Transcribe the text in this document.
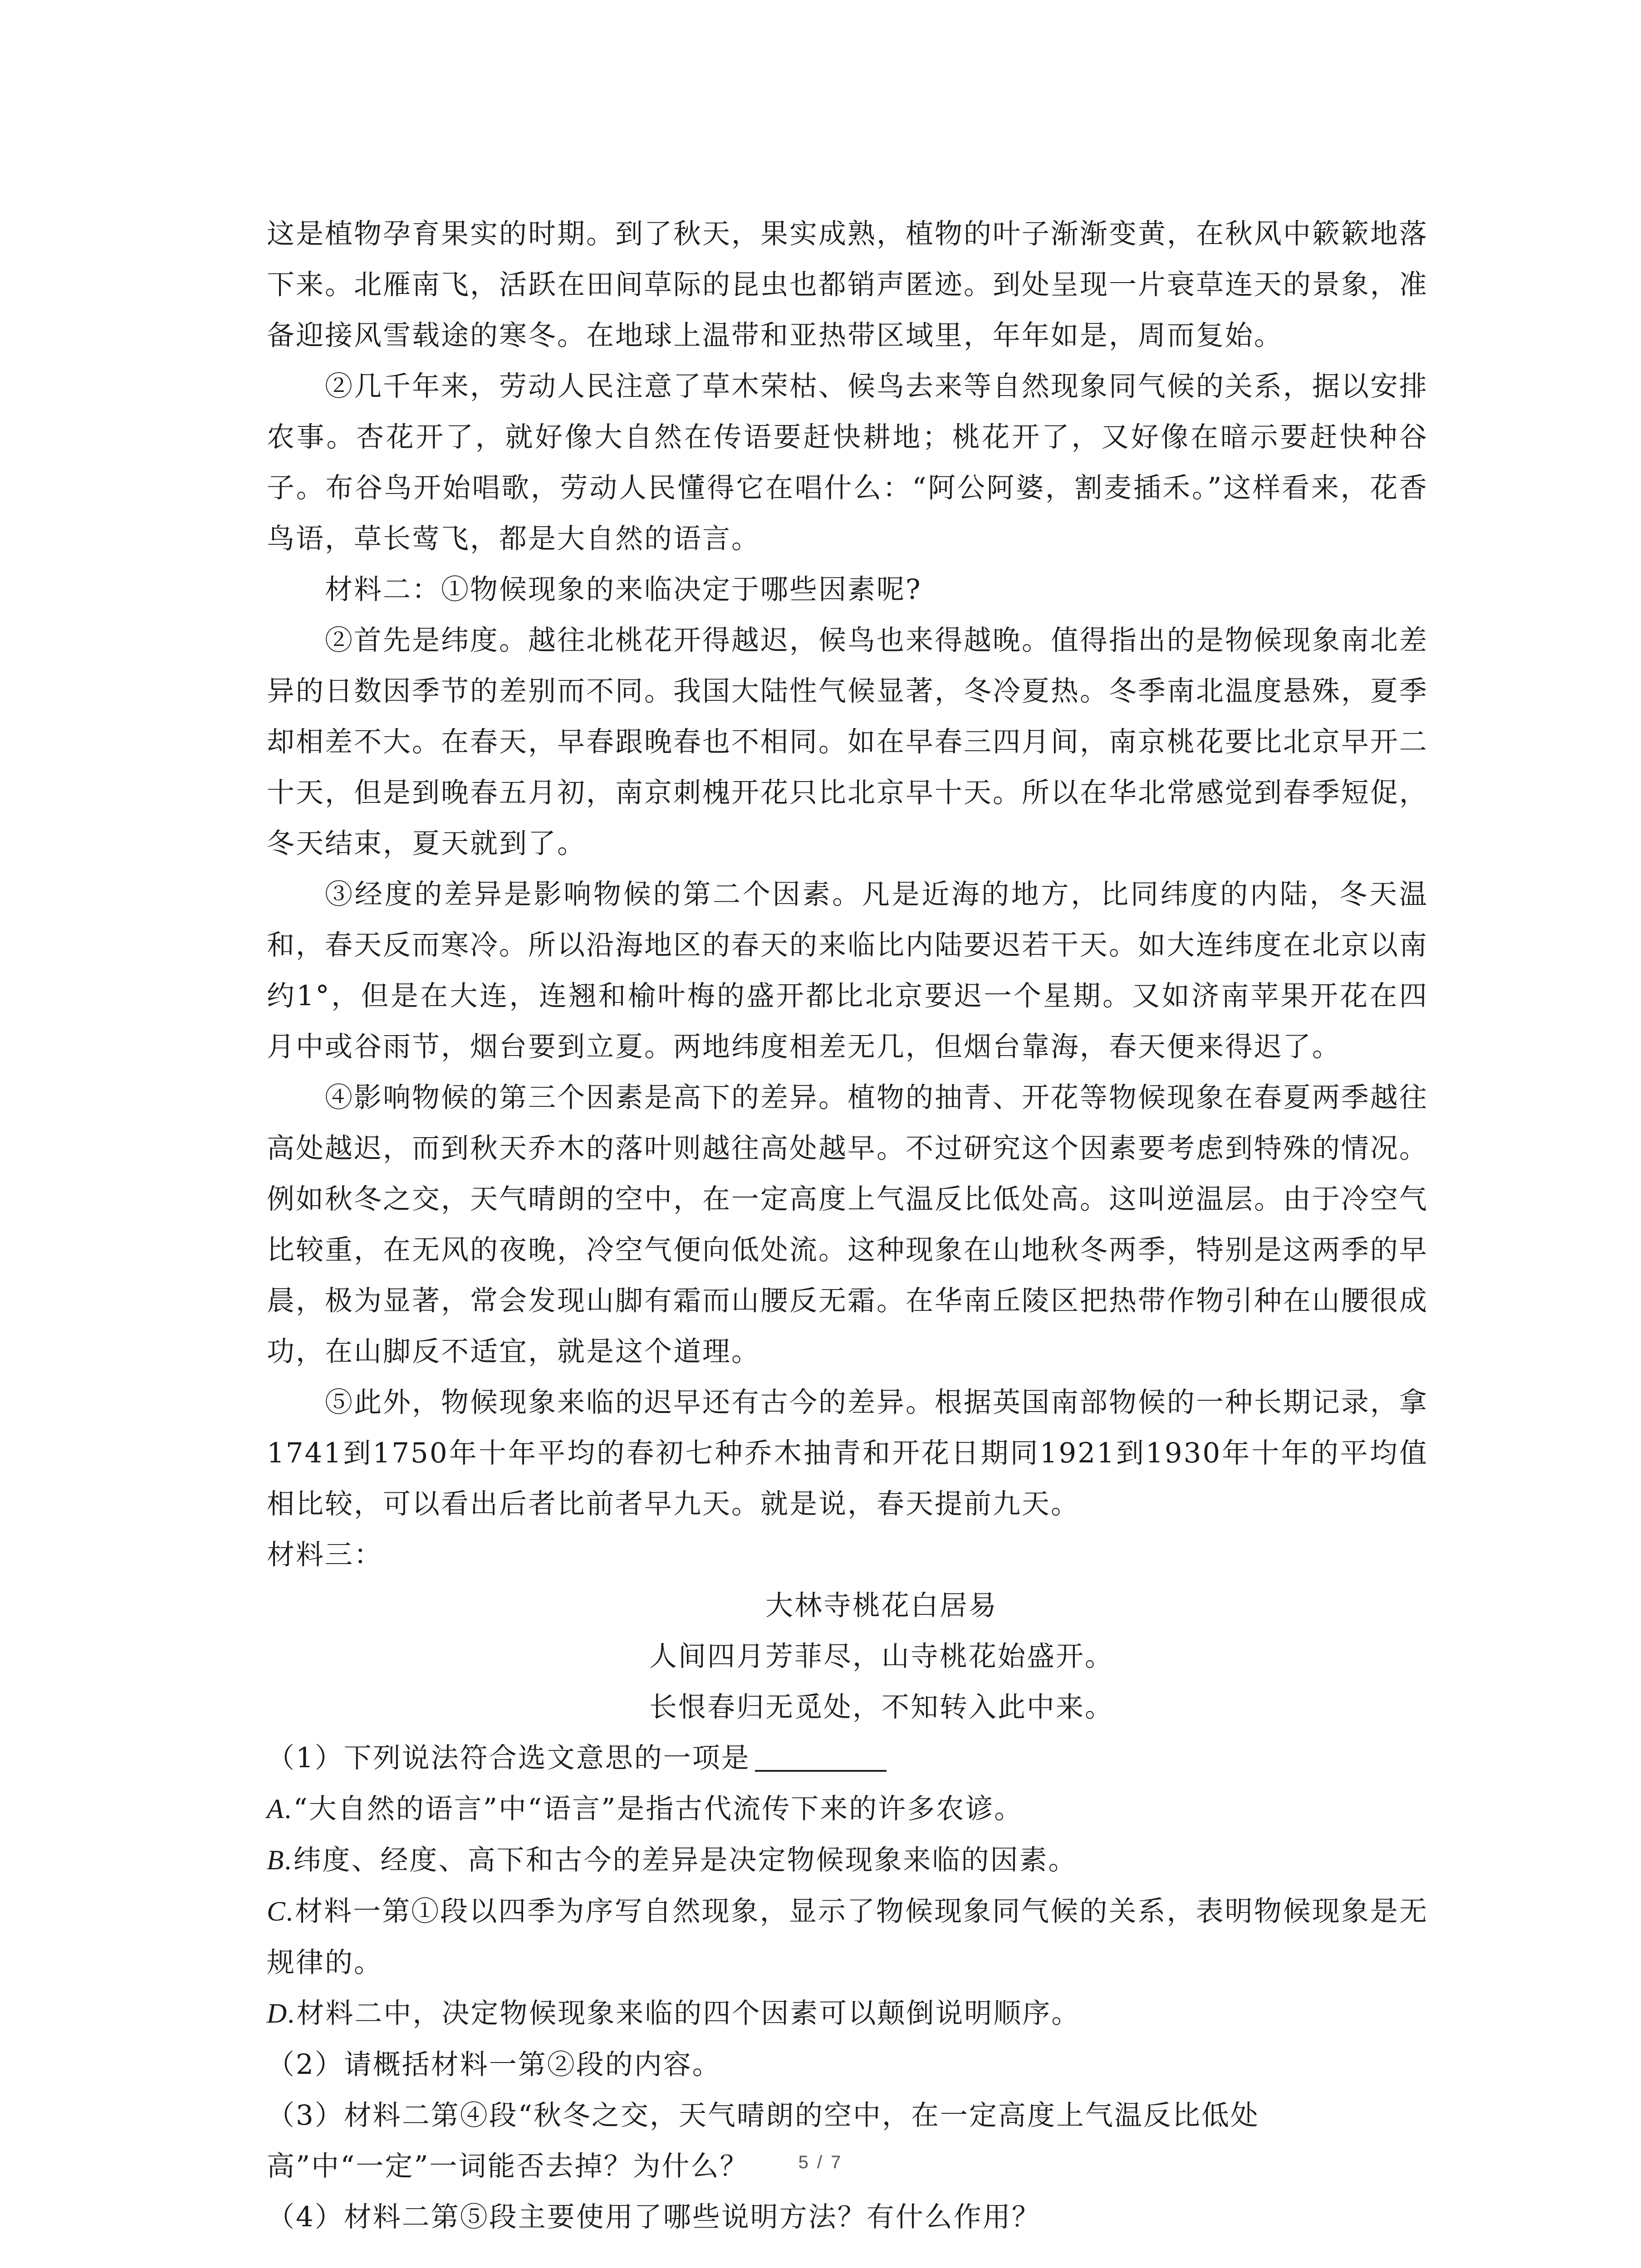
这是植物孕育果实的时期。到了秋天，果实成熟，植物的叶子渐渐变黄，在秋风中簌簌地落下来。北雁南飞，活跃在田间草际的昆虫也都销声匿迹。到处呈现一片衰草连天的景象，准备迎接风雪载途的寒冬。在地球上温带和亚热带区域里，年年如是，周而复始。

②几千年来，劳动人民注意了草木荣枯、候鸟去来等自然现象同气候的关系，据以安排农事。杏花开了，就好像大自然在传语要赶快耕地；桃花开了，又好像在暗示要赶快种谷子。布谷鸟开始唱歌，劳动人民懂得它在唱什么：“阿公阿婆，割麦插禾。”这样看来，花香鸟语，草长莺飞，都是大自然的语言。

材料二：①物候现象的来临决定于哪些因素呢?

②首先是纬度。越往北桃花开得越迟，候鸟也来得越晚。值得指出的是物候现象南北差异的日数因季节的差别而不同。我国大陆性气候显著，冬冷夏热。冬季南北温度悬殊，夏季却相差不大。在春天，早春跟晚春也不相同。如在早春三四月间，南京桃花要比北京早开二十天，但是到晚春五月初，南京刺槐开花只比北京早十天。所以在华北常感觉到春季短促，冬天结束，夏天就到了。

③经度的差异是影响物候的第二个因素。凡是近海的地方，比同纬度的内陆，冬天温和，春天反而寒冷。所以沿海地区的春天的来临比内陆要迟若干天。如大连纬度在北京以南约1°，但是在大连，连翘和榆叶梅的盛开都比北京要迟一个星期。又如济南苹果开花在四月中或谷雨节，烟台要到立夏。两地纬度相差无几，但烟台靠海，春天便来得迟了。

④影响物候的第三个因素是高下的差异。植物的抽青、开花等物候现象在春夏两季越往高处越迟，而到秋天乔木的落叶则越往高处越早。不过研究这个因素要考虑到特殊的情况。例如秋冬之交，天气晴朗的空中，在一定高度上气温反比低处高。这叫逆温层。由于冷空气比较重，在无风的夜晚，冷空气便向低处流。这种现象在山地秋冬两季，特别是这两季的早晨，极为显著，常会发现山脚有霜而山腰反无霜。在华南丘陵区把热带作物引种在山腰很成功，在山脚反不适宜，就是这个道理。

⑤此外，物候现象来临的迟早还有古今的差异。根据英国南部物候的一种长期记录，拿1741到1750年十年平均的春初七种乔木抽青和开花日期同1921到1930年十年的平均值相比较，可以看出后者比前者早九天。就是说，春天提前九天。

材料三：

大林寺桃花白居易

人间四月芳菲尽，山寺桃花始盛开。

长恨春归无觅处，不知转入此中来。

（1）下列说法符合选文意思的一项是

A.“大自然的语言”中“语言”是指古代流传下来的许多农谚。

B.纬度、经度、高下和古今的差异是决定物候现象来临的因素。

C.材料一第①段以四季为序写自然现象，显示了物候现象同气候的关系，表明物候现象是无规律的。

D.材料二中，决定物候现象来临的四个因素可以颠倒说明顺序。

（2）请概括材料一第②段的内容。

（3）材料二第④段“秋冬之交，天气晴朗的空中，在一定高度上气温反比低处

高”中“一定”一词能否去掉？为什么？

（4）材料二第⑤段主要使用了哪些说明方法？有什么作用？

5 / 7
